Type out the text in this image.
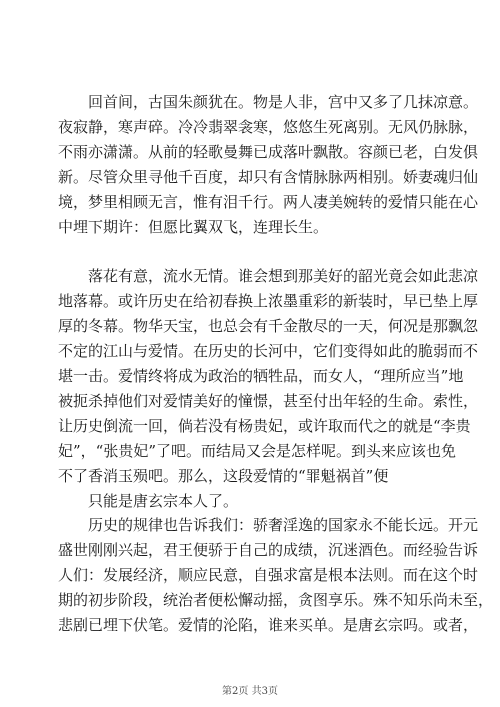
　　回首间，古国朱颜犹在。物是人非，宫中又多了几抹凉意。
夜寂静，寒声碎。冷冷翡翠衾寒，悠悠生死离别。无风仍脉脉，
不雨亦潇潇。从前的轻歌曼舞已成落叶飘散。容颜已老，白发俱
新。尽管众里寻他千百度，却只有含情脉脉两相别。娇妻魂归仙
境，梦里相顾无言，惟有泪千行。两人凄美婉转的爱情只能在心
中埋下期许：但愿比翼双飞，连理长生。
　　落花有意，流水无情。谁会想到那美好的韶光竟会如此悲凉
地落幕。或许历史在给初春换上浓墨重彩的新装时，早已垫上厚
厚的冬幕。物华天宝，也总会有千金散尽的一天，何况是那飘忽
不定的江山与爱情。在历史的长河中，它们变得如此的脆弱而不
堪一击。爱情终将成为政治的牺牲品，而女人，“理所应当”地
被扼杀掉他们对爱情美好的憧憬，甚至付出年轻的生命。索性，
让历史倒流一回，倘若没有杨贵妃，或许取而代之的就是“李贵
妃”，“张贵妃”了吧。而结局又会是怎样呢。到头来应该也免
不了香消玉殒吧。那么，这段爱情的“罪魁祸首”便
　　只能是唐玄宗本人了。
　　历史的规律也告诉我们：骄奢淫逸的国家永不能长远。开元
盛世刚刚兴起，君王便骄于自己的成绩，沉迷酒色。而经验告诉
人们：发展经济，顺应民意，自强求富是根本法则。而在这个时
期的初步阶段，统治者便松懈动摇，贪图享乐。殊不知乐尚未至，
悲剧已埋下伏笔。爱情的沦陷，谁来买单。是唐玄宗吗。或者，
第2页 共3页
